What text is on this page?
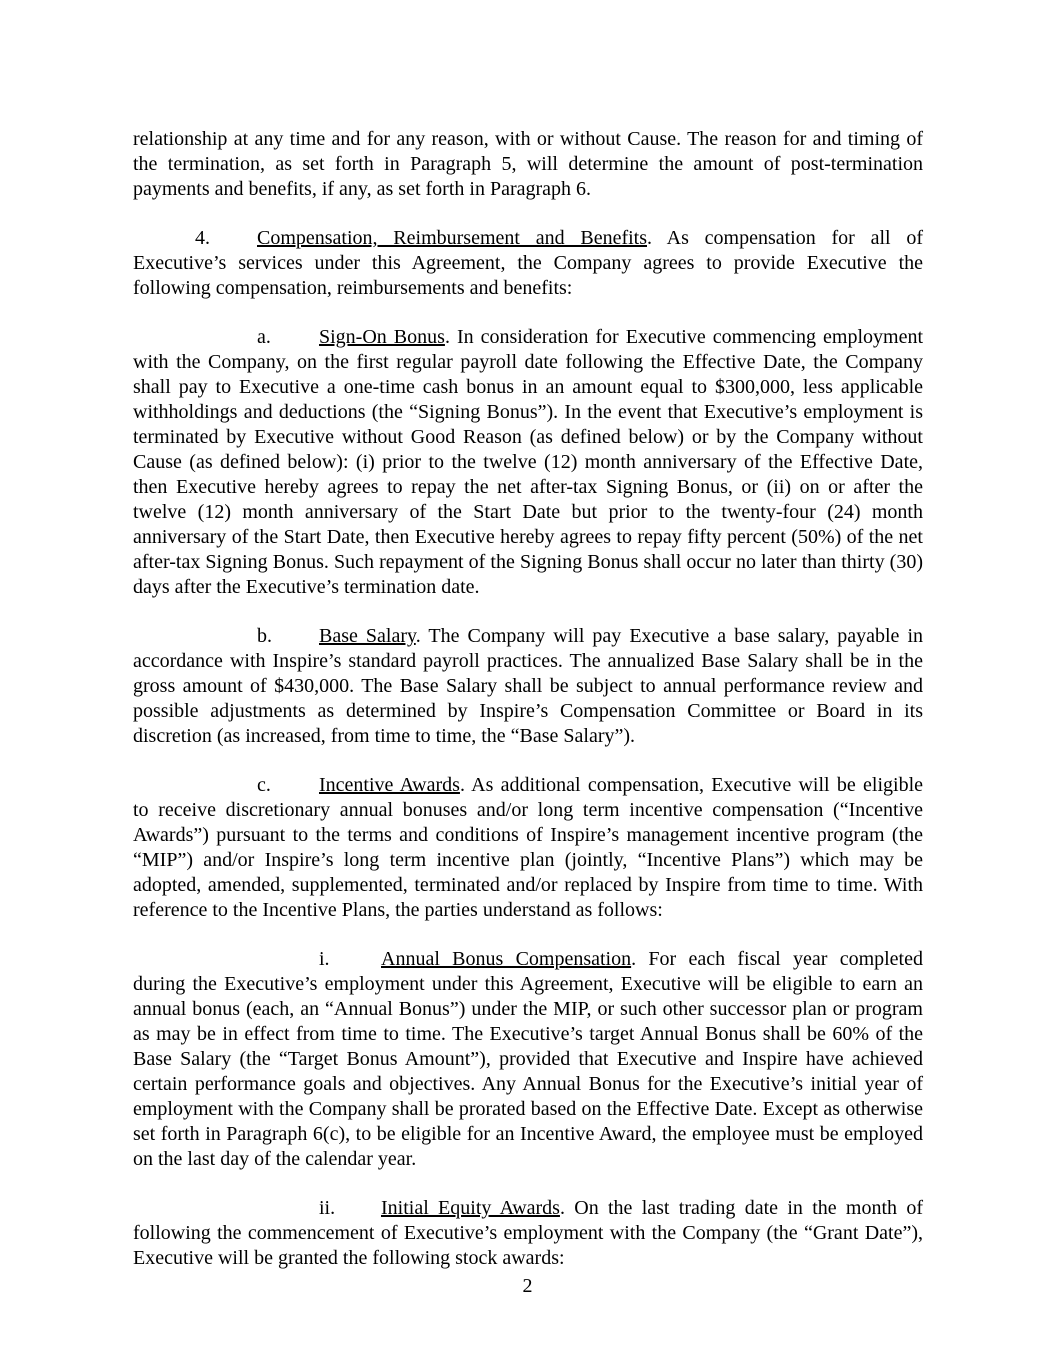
relationship at any time and for any reason, with or without Cause. The reason for and timing of the termination, as set forth in Paragraph 5, will determine the amount of post-termination payments and benefits, if any, as set forth in Paragraph 6.

4. Compensation, Reimbursement and Benefits. As compensation for all of Executive’s services under this Agreement, the Company agrees to provide Executive the following compensation, reimbursements and benefits:

a. Sign-On Bonus. In consideration for Executive commencing employment with the Company, on the first regular payroll date following the Effective Date, the Company shall pay to Executive a one-time cash bonus in an amount equal to $300,000, less applicable withholdings and deductions (the “Signing Bonus”). In the event that Executive’s employment is terminated by Executive without Good Reason (as defined below) or by the Company without Cause (as defined below): (i) prior to the twelve (12) month anniversary of the Effective Date, then Executive hereby agrees to repay the net after-tax Signing Bonus, or (ii) on or after the twelve (12) month anniversary of the Start Date but prior to the twenty-four (24) month anniversary of the Start Date, then Executive hereby agrees to repay fifty percent (50%) of the net after-tax Signing Bonus. Such repayment of the Signing Bonus shall occur no later than thirty (30) days after the Executive’s termination date.

b. Base Salary. The Company will pay Executive a base salary, payable in accordance with Inspire’s standard payroll practices. The annualized Base Salary shall be in the gross amount of $430,000. The Base Salary shall be subject to annual performance review and possible adjustments as determined by Inspire’s Compensation Committee or Board in its discretion (as increased, from time to time, the “Base Salary”).

c. Incentive Awards. As additional compensation, Executive will be eligible to receive discretionary annual bonuses and/or long term incentive compensation (“Incentive Awards”) pursuant to the terms and conditions of Inspire’s management incentive program (the “MIP”) and/or Inspire’s long term incentive plan (jointly, “Incentive Plans”) which may be adopted, amended, supplemented, terminated and/or replaced by Inspire from time to time. With reference to the Incentive Plans, the parties understand as follows:

i.	Annual Bonus Compensation. For each fiscal year completed during the Executive’s employment under this Agreement, Executive will be eligible to earn an annual bonus (each, an “Annual Bonus”) under the MIP, or such other successor plan or program as may be in effect from time to time. The Executive’s target Annual Bonus shall be 60% of the Base Salary (the “Target Bonus Amount”), provided that Executive and Inspire have achieved certain performance goals and objectives. Any Annual Bonus for the Executive’s initial year of employment with the Company shall be prorated based on the Effective Date. Except as otherwise set forth in Paragraph 6(c), to be eligible for an Incentive Award, the employee must be employed on the last day of the calendar year.

ii. Initial Equity Awards. On the last trading date in the month of following the commencement of Executive’s employment with the Company (the “Grant Date”), Executive will be granted the following stock awards:

2
